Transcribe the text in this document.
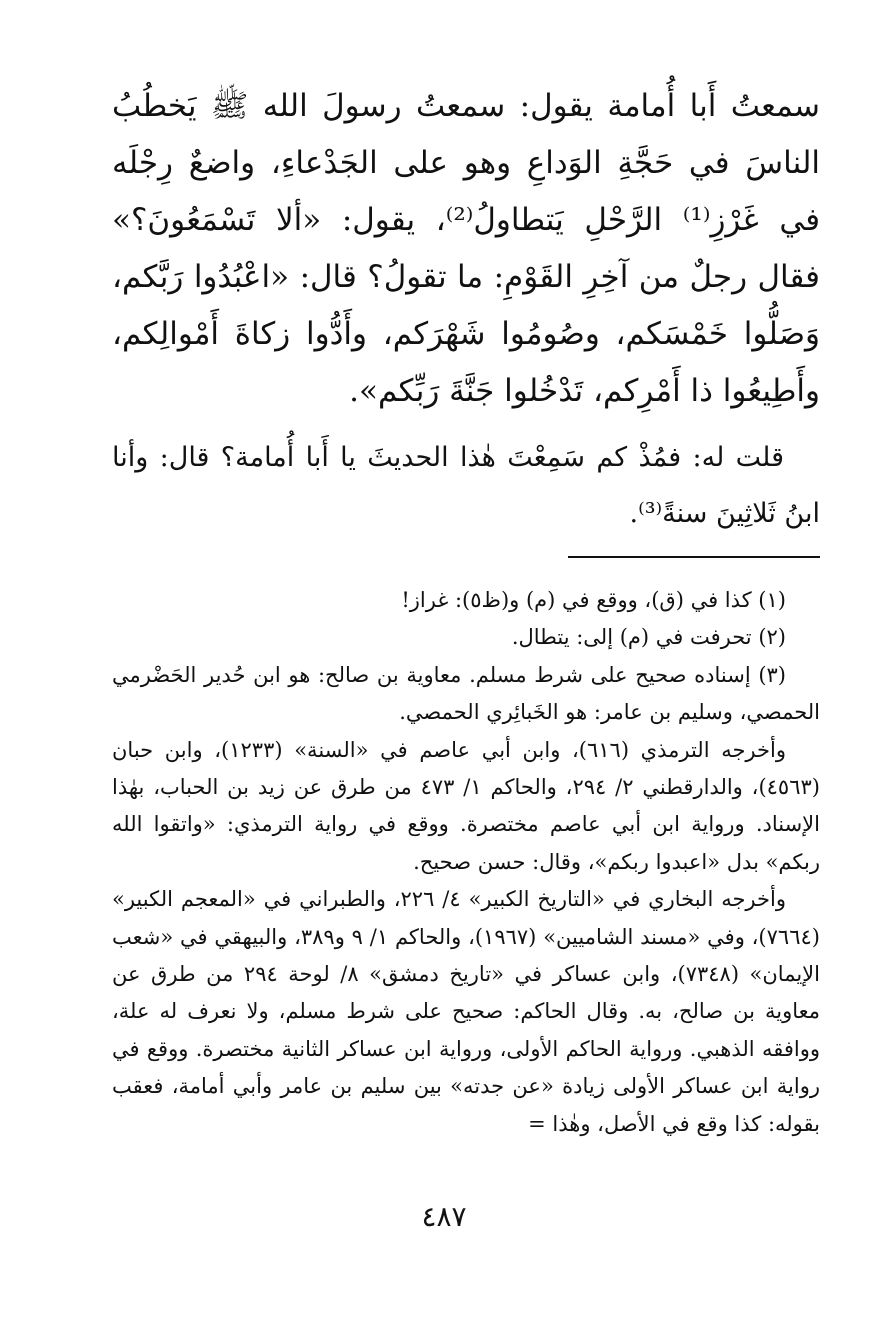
سمعتُ أَبا أُمامة يقول: سمعتُ رسولَ الله ﷺ يَخطُبُ الناسَ في حَجَّةِ الوَداعِ وهو على الجَدْعاءِ، واضعٌ رِجْلَه في غَرْزِ⁽¹⁾ الرَّحْلِ يَتطاولُ⁽²⁾، يقول: «ألا تَسْمَعُونَ؟» فقال رجلٌ من آخِرِ القَوْمِ: ما تقولُ؟ قال: «اعْبُدُوا رَبَّكم، وَصَلُّوا خَمْسَكم، وصُومُوا شَهْرَكم، وأَدُّوا زكاةَ أَمْوالِكم، وأَطِيعُوا ذا أَمْرِكم، تَدْخُلوا جَنَّةَ رَبِّكم».

قلت له: فمُذْ كم سَمِعْتَ هٰذا الحديثَ يا أَبا أُمامة؟ قال: وأنا ابنُ ثَلاثِينَ سنةً⁽³⁾.

(١) كذا في (ق)، ووقع في (م) و(ظ٥): غراز!

(٢) تحرفت في (م) إلى: يتطال.

(٣) إسناده صحيح على شرط مسلم. معاوية بن صالح: هو ابن حُدير الحَضْرمي الحمصي، وسليم بن عامر: هو الخَبائِري الحمصي.

وأخرجه الترمذي (٦١٦)، وابن أبي عاصم في «السنة» (١٢٣٣)، وابن حبان (٤٥٦٣)، والدارقطني ٢/ ٢٩٤، والحاكم ١/ ٤٧٣ من طرق عن زيد بن الحباب، بهٰذا الإسناد. ورواية ابن أبي عاصم مختصرة. ووقع في رواية الترمذي: «واتقوا الله ربكم» بدل «اعبدوا ربكم»، وقال: حسن صحيح.

وأخرجه البخاري في «التاريخ الكبير» ٤/ ٢٢٦، والطبراني في «المعجم الكبير» (٧٦٦٤)، وفي «مسند الشاميين» (١٩٦٧)، والحاكم ١/ ٩ و٣٨٩، والبيهقي في «شعب الإيمان» (٧٣٤٨)، وابن عساكر في «تاريخ دمشق» ٨/ لوحة ٢٩٤ من طرق عن معاوية بن صالح، به. وقال الحاكم: صحيح على شرط مسلم، ولا نعرف له علة، ووافقه الذهبي. ورواية الحاكم الأولى، ورواية ابن عساكر الثانية مختصرة. ووقع في رواية ابن عساكر الأولى زيادة «عن جدته» بين سليم بن عامر وأبي أمامة، فعقب بقوله: كذا وقع في الأصل، وهٰذا =

٤٨٧
